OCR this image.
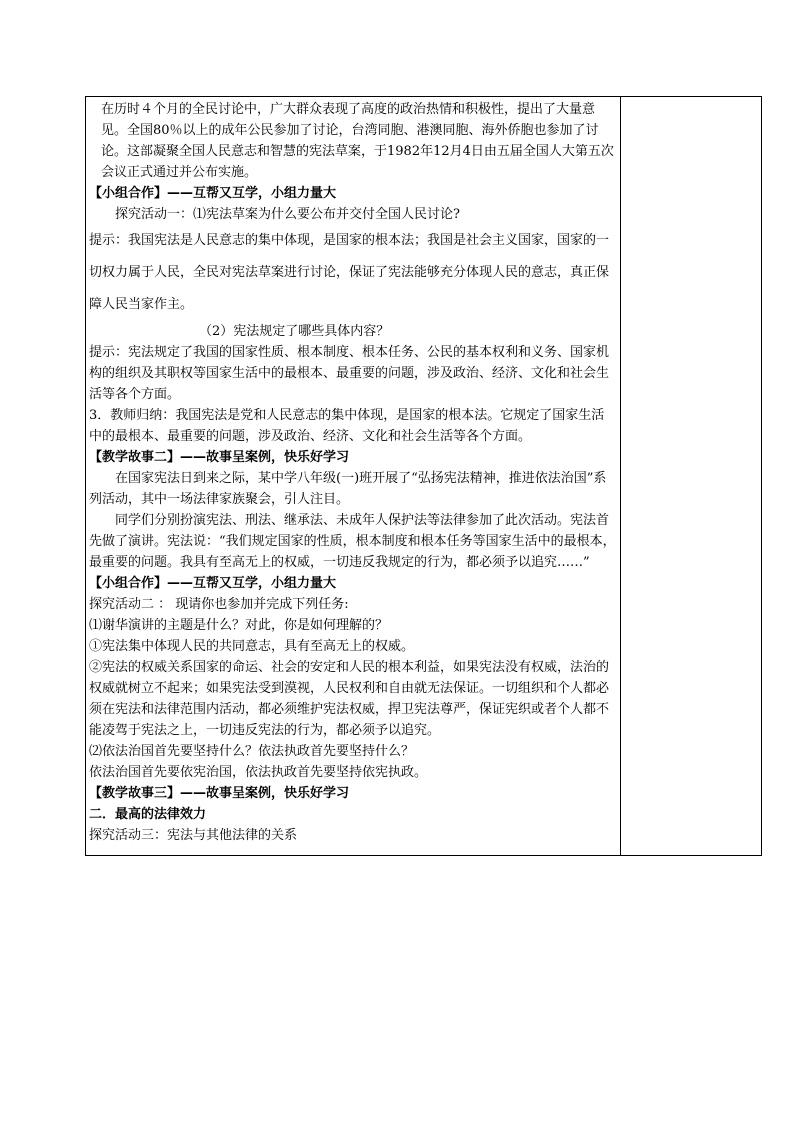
在历时４个月的全民讨论中，广大群众表现了高度的政治热情和积极性，提出了大量意见。全国80％以上的成年公民参加了讨论，台湾同胞、港澳同胞、海外侨胞也参加了讨论。这部凝聚全国人民意志和智慧的宪法草案，于1982年12月4日由五届全国人大第五次会议正式通过并公布实施。

【小组合作】——互帮又互学，小组力量大

探究活动一：⑴宪法草案为什么要公布并交付全国人民讨论?

提示：我国宪法是人民意志的集中体现，是国家的根本法；我国是社会主义国家，国家的一切权力属于人民，全民对宪法草案进行讨论，保证了宪法能够充分体现人民的意志，真正保障人民当家作主。

（2）宪法规定了哪些具体内容？

提示：宪法规定了我国的国家性质、根本制度、根本任务、公民的基本权利和义务、国家机构的组织及其职权等国家生活中的最根本、最重要的问题，涉及政治、经济、文化和社会生活等各个方面。

3．教师归纳：我国宪法是党和人民意志的集中体现，是国家的根本法。它规定了国家生活中的最根本、最重要的问题，涉及政治、经济、文化和社会生活等各个方面。

【教学故事二】——故事呈案例，快乐好学习

在国家宪法日到来之际，某中学八年级(一)班开展了“弘扬宪法精神，推进依法治国”系列活动，其中一场法律家族聚会，引人注目。

同学们分别扮演宪法、刑法、继承法、未成年人保护法等法律参加了此次活动。宪法首先做了演讲。宪法说：“我们规定国家的性质，根本制度和根本任务等国家生活中的最根本，最重要的问题。我具有至高无上的权威，一切违反我规定的行为，都必须予以追究……”

【小组合作】——互帮又互学，小组力量大

探究活动二 ： 现请你也参加并完成下列任务:

⑴谢华演讲的主题是什么？对此，你是如何理解的？

①宪法集中体现人民的共同意志，具有至高无上的权威。

②宪法的权威关系国家的命运、社会的安定和人民的根本利益，如果宪法没有权威，法治的权威就树立不起来；如果宪法受到漠视，人民权利和自由就无法保证。一切组织和个人都必须在宪法和法律范围内活动，都必须维护宪法权威，捍卫宪法尊严，保证宪织或者个人都不能凌驾于宪法之上，一切违反宪法的行为，都必须予以追究。

⑵依法治国首先要坚持什么？依法执政首先要坚持什么？

依法治国首先要依宪治国，依法执政首先要坚持依宪执政。

【教学故事三】——故事呈案例，快乐好学习

二．最高的法律效力

探究活动三：宪法与其他法律的关系
